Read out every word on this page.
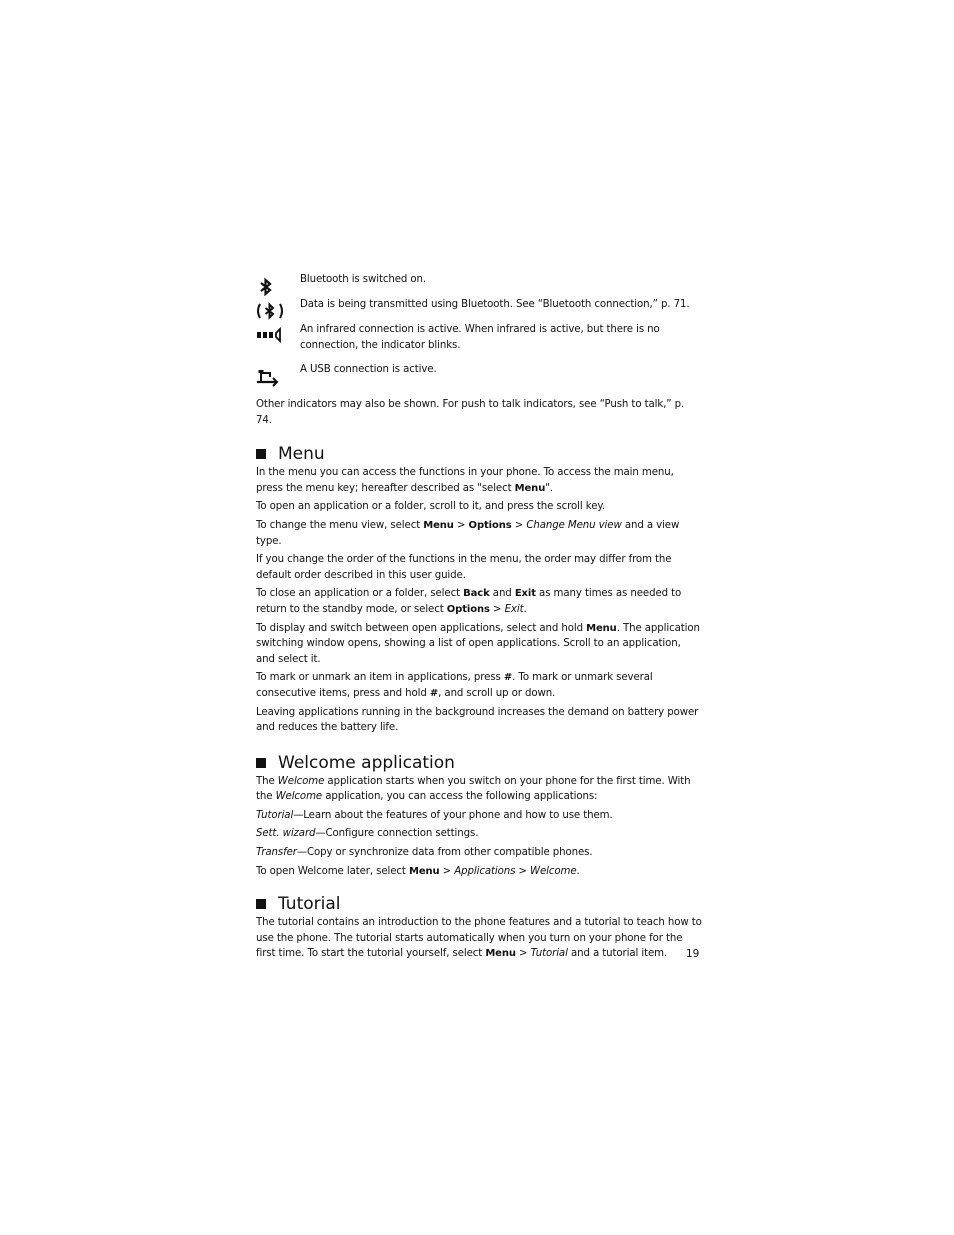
Bluetooth is switched on.
Data is being transmitted using Bluetooth. See “Bluetooth connection,” p. 71.
An infrared connection is active. When infrared is active, but there is no connection, the indicator blinks.
A USB connection is active.

Other indicators may also be shown. For push to talk indicators, see “Push to talk,” p. 74.

Menu

In the menu you can access the functions in your phone. To access the main menu, press the menu key; hereafter described as "select Menu".

To open an application or a folder, scroll to it, and press the scroll key.

To change the menu view, select Menu > Options > Change Menu view and a view type.

If you change the order of the functions in the menu, the order may differ from the default order described in this user guide.

To close an application or a folder, select Back and Exit as many times as needed to return to the standby mode, or select Options > Exit.

To display and switch between open applications, select and hold Menu. The application switching window opens, showing a list of open applications. Scroll to an application, and select it.

To mark or unmark an item in applications, press #. To mark or unmark several consecutive items, press and hold #, and scroll up or down.

Leaving applications running in the background increases the demand on battery power and reduces the battery life.

Welcome application

The Welcome application starts when you switch on your phone for the first time. With the Welcome application, you can access the following applications:

Tutorial—Learn about the features of your phone and how to use them.

Sett. wizard—Configure connection settings.

Transfer—Copy or synchronize data from other compatible phones.

To open Welcome later, select Menu > Applications > Welcome.

Tutorial

The tutorial contains an introduction to the phone features and a tutorial to teach how to use the phone. The tutorial starts automatically when you turn on your phone for the first time. To start the tutorial yourself, select Menu > Tutorial and a tutorial item.	19
